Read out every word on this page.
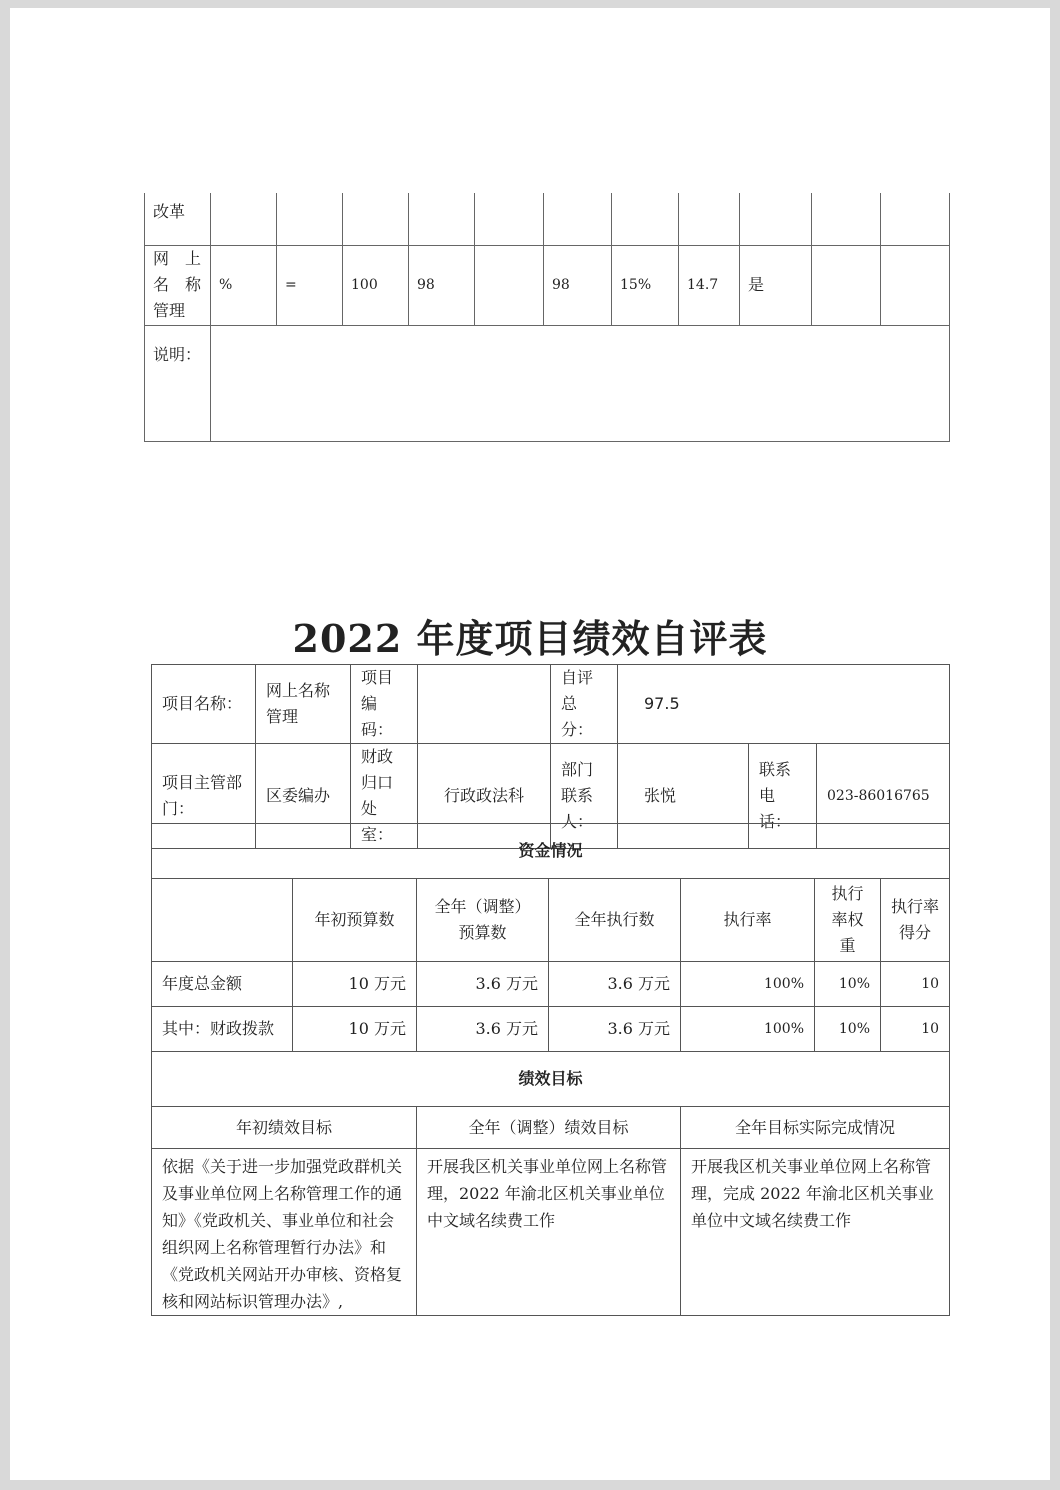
改革											

网　上
名　称
管理	%	=	100	98		98	15%	14.7	是		
说明：											
2022 年度项目绩效自评表
项目名称：	网上名称管理	项目编码：		自评总分：	97.5		
项目主管部门：	区委编办	财政归口处室：	行政政法科	部门联系人：	张悦	联系电话：	023-86016765
资金情况						
	年初预算数	全年（调整）预算数	全年执行数	执行率	执行率权重	执行率得分
年度总金额	10 万元	3.6 万元	3.6 万元	100%	10%	10
其中：财政拨款	10 万元	3.6 万元	3.6 万元	100%	10%	10
绩效目标						
年初绩效目标		全年（调整）绩效目标		全年目标实际完成情况		
依据《关于进一步加强党政群机关及事业单位网上名称管理工作的通知》《党政机关、事业单位和社会组织网上名称管理暂行办法》和《党政机关网站开办审核、资格复核和网站标识管理办法》,		开展我区机关事业单位网上名称管理，2022 年渝北区机关事业单位中文域名续费工作		开展我区机关事业单位网上名称管理，完成 2022 年渝北区机关事业单位中文域名续费工作		
